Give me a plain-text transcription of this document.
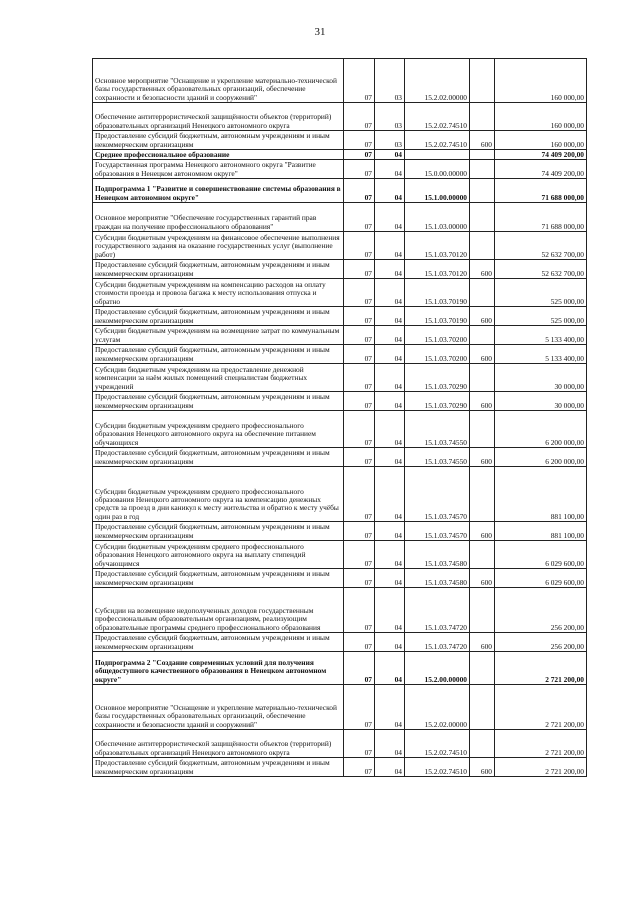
31
Основное мероприятие "Оснащение и укрепление материально-технической базы государственных образовательных организаций, обеспечение сохранности и безопасности зданий и сооружений"	07	03	15.2.02.00000		160 000,00
Обеспечение антитеррористической защищённости объектов (территорий) образовательных организаций Ненецкого автономного округа	07	03	15.2.02.74510		160 000,00
Предоставление субсидий бюджетным, автономным учреждениям и иным некоммерческим организациям	07	03	15.2.02.74510	600	160 000,00
Среднее профессиональное образование	07	04			74 409 200,00
Государственная программа Ненецкого автономного округа "Развитие образования в Ненецком автономном округе"	07	04	15.0.00.00000		74 409 200,00
Подпрограмма 1 "Развитие и совершенствование системы образования в Ненецком автономном округе"	07	04	15.1.00.00000		71 688 000,00
Основное мероприятие "Обеспечение государственных гарантий прав граждан на получение профессионального образования"	07	04	15.1.03.00000		71 688 000,00
Субсидии бюджетным учреждениям на финансовое обеспечение выполнения государственного задания на оказание государственных услуг (выполнение работ)	07	04	15.1.03.70120		52 632 700,00
Предоставление субсидий бюджетным, автономным учреждениям и иным некоммерческим организациям	07	04	15.1.03.70120	600	52 632 700,00
Субсидии бюджетным учреждениям на компенсацию расходов на оплату стоимости проезда и провоза багажа к месту использования отпуска и обратно	07	04	15.1.03.70190		525 000,00
Предоставление субсидий бюджетным, автономным учреждениям и иным некоммерческим организациям	07	04	15.1.03.70190	600	525 000,00
Субсидии бюджетным учреждениям на возмещение затрат по коммунальным услугам	07	04	15.1.03.70200		5 133 400,00
Предоставление субсидий бюджетным, автономным учреждениям и иным некоммерческим организациям	07	04	15.1.03.70200	600	5 133 400,00
Субсидии бюджетным учреждениям на предоставление денежной компенсации за наём жилых помещений специалистам бюджетных учреждений	07	04	15.1.03.70290		30 000,00
Предоставление субсидий бюджетным, автономным учреждениям и иным некоммерческим организациям	07	04	15.1.03.70290	600	30 000,00
Субсидии бюджетным учреждениям среднего профессионального образования Ненецкого автономного округа на обеспечение питанием обучающихся	07	04	15.1.03.74550		6 200 000,00
Предоставление субсидий бюджетным, автономным учреждениям и иным некоммерческим организациям	07	04	15.1.03.74550	600	6 200 000,00
Субсидии бюджетным учреждениям среднего профессионального образования Ненецкого автономного округа на компенсацию денежных средств за проезд в дни каникул к месту жительства и обратно к месту учёбы один раз в год	07	04	15.1.03.74570		881 100,00
Предоставление субсидий бюджетным, автономным учреждениям и иным некоммерческим организациям	07	04	15.1.03.74570	600	881 100,00
Субсидии бюджетным учреждениям среднего профессионального образования Ненецкого автономного округа на выплату стипендий обучающимся	07	04	15.1.03.74580		6 029 600,00
Предоставление субсидий бюджетным, автономным учреждениям и иным некоммерческим организациям	07	04	15.1.03.74580	600	6 029 600,00
Субсидии на возмещение недополученных доходов государственным профессиональным образовательным организациям, реализующим образовательные программы среднего профессионального образования	07	04	15.1.03.74720		256 200,00
Предоставление субсидий бюджетным, автономным учреждениям и иным некоммерческим организациям	07	04	15.1.03.74720	600	256 200,00
Подпрограмма 2 "Создание современных условий для получения общедоступного качественного образования в Ненецком автономном округе"	07	04	15.2.00.00000		2 721 200,00
Основное мероприятие "Оснащение и укрепление материально-технической базы государственных образовательных организаций, обеспечение сохранности и безопасности зданий и сооружений"	07	04	15.2.02.00000		2 721 200,00
Обеспечение антитеррористической защищённости объектов (территорий) образовательных организаций Ненецкого автономного округа	07	04	15.2.02.74510		2 721 200,00
Предоставление субсидий бюджетным, автономным учреждениям и иным некоммерческим организациям	07	04	15.2.02.74510	600	2 721 200,00
